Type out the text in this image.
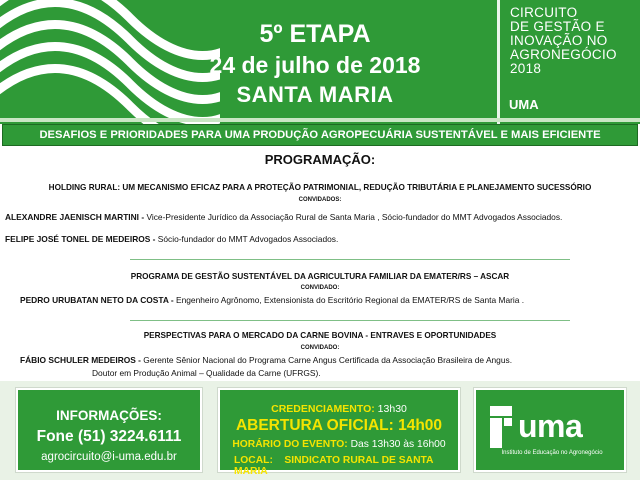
5º ETAPA
24 de julho de 2018
SANTA MARIA
CIRCUITO
DE GESTÃO E
INOVAÇÃO NO
AGRONEGÓCIO
2018
UMA
DESAFIOS E PRIORIDADES PARA UMA PRODUÇÃO AGROPECUÁRIA SUSTENTÁVEL E MAIS EFICIENTE
PROGRAMAÇÃO:
HOLDING RURAL: UM MECANISMO EFICAZ PARA A PROTEÇÃO PATRIMONIAL, REDUÇÃO TRIBUTÁRIA E PLANEJAMENTO SUCESSÓRIO
CONVIDADOS:
ALEXANDRE JAENISCH MARTINI - Vice-Presidente Jurídico da Associação Rural de Santa Maria , Sócio-fundador do MMT Advogados Associados.
FELIPE JOSÉ TONEL DE MEDEIROS - Sócio-fundador do MMT Advogados Associados.
PROGRAMA DE GESTÃO SUSTENTÁVEL DA AGRICULTURA FAMILIAR DA EMATER/RS – ASCAR
CONVIDADO:
PEDRO URUBATAN NETO DA COSTA - Engenheiro Agrônomo, Extensionista do Escritório Regional da EMATER/RS de Santa Maria .
PERSPECTIVAS PARA O MERCADO DA CARNE BOVINA - ENTRAVES E OPORTUNIDADES
CONVIDADO:
FÁBIO SCHULER MEDEIROS - Gerente Sênior Nacional do Programa Carne Angus Certificada da Associação Brasileira de Angus.
Doutor em Produção Animal – Qualidade da Carne (UFRGS).
INFORMAÇÕES:
Fone (51) 3224.6111
agrocircuito@i-uma.edu.br
CREDENCIAMENTO: 13h30
ABERTURA OFICIAL: 14h00
HORÁRIO DO EVENTO: Das 13h30 às 16h00
LOCAL: SINDICATO RURAL DE SANTA MARIA
uma
Instituto de Educação no Agronegócio
